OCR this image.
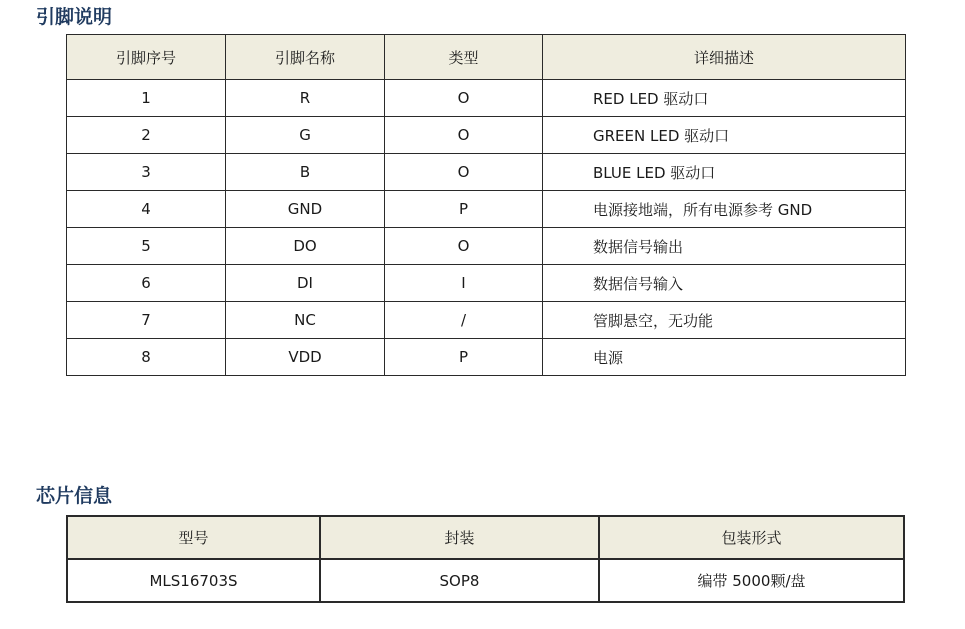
引脚说明
引脚序号	引脚名称	类型	详细描述
1	R	O	RED LED 驱动口
2	G	O	GREEN LED 驱动口
3	B	O	BLUE LED 驱动口
4	GND	P	电源接地端，所有电源参考 GND
5	DO	O	数据信号输出
6	DI	I	数据信号输入
7	NC	/	管脚悬空，无功能
8	VDD	P	电源
芯片信息
型号	封装	包装形式
MLS16703S	SOP8	编带 5000颗/盘
